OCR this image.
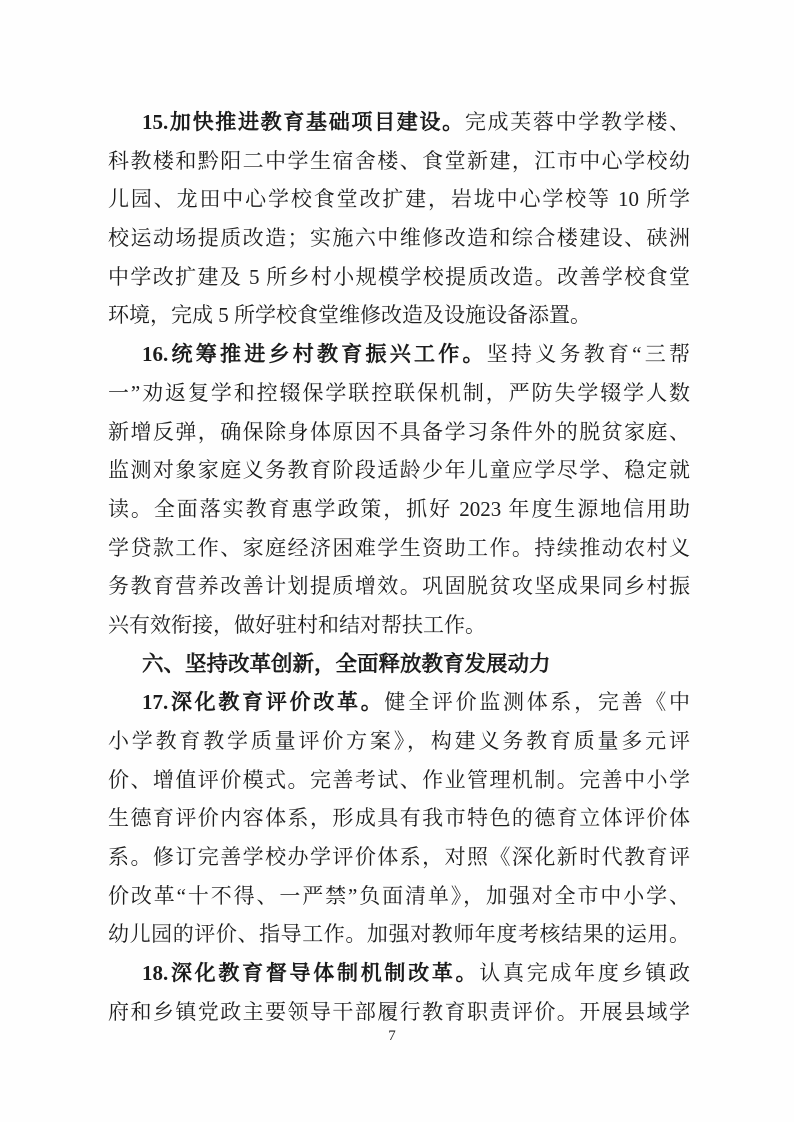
15.加快推进教育基础项目建设。完成芙蓉中学教学楼、
科教楼和黔阳二中学生宿舍楼、食堂新建，江市中心学校幼
儿园、龙田中心学校食堂改扩建，岩垅中心学校等 10 所学
校运动场提质改造；实施六中维修改造和综合楼建设、硖洲
中学改扩建及 5 所乡村小规模学校提质改造。改善学校食堂
环境，完成 5 所学校食堂维修改造及设施设备添置。
16.统筹推进乡村教育振兴工作。坚持义务教育“三帮
一”劝返复学和控辍保学联控联保机制，严防失学辍学人数
新增反弹，确保除身体原因不具备学习条件外的脱贫家庭、
监测对象家庭义务教育阶段适龄少年儿童应学尽学、稳定就
读。全面落实教育惠学政策，抓好 2023 年度生源地信用助
学贷款工作、家庭经济困难学生资助工作。持续推动农村义
务教育营养改善计划提质增效。巩固脱贫攻坚成果同乡村振
兴有效衔接，做好驻村和结对帮扶工作。
六、坚持改革创新，全面释放教育发展动力
17.深化教育评价改革。健全评价监测体系，完善《中
小学教育教学质量评价方案》，构建义务教育质量多元评
价、增值评价模式。完善考试、作业管理机制。完善中小学
生德育评价内容体系，形成具有我市特色的德育立体评价体
系。修订完善学校办学评价体系，对照《深化新时代教育评
价改革“十不得、一严禁”负面清单》，加强对全市中小学、
幼儿园的评价、指导工作。加强对教师年度考核结果的运用。
18.深化教育督导体制机制改革。认真完成年度乡镇政
府和乡镇党政主要领导干部履行教育职责评价。开展县域学
7
